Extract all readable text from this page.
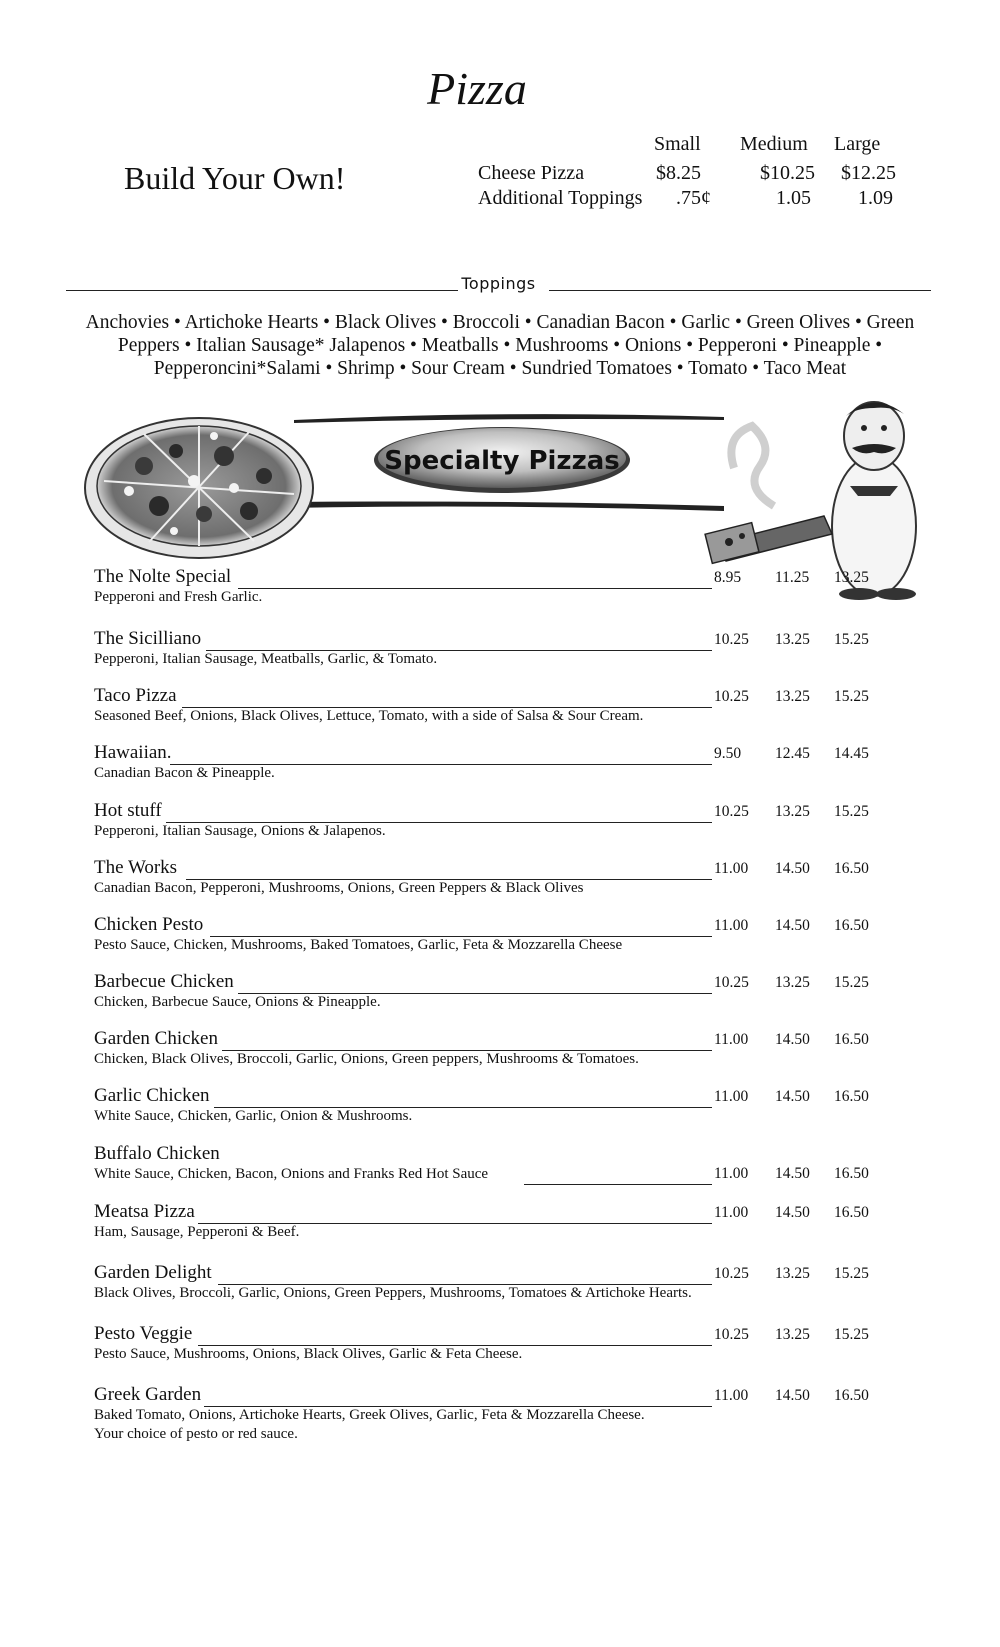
Pizza
Build Your Own!
Small Medium Large
Cheese Pizza	$8.25	$10.25 $12.25
Additional Toppings .75¢	1.05 1.09
Toppings
Anchovies • Artichoke Hearts • Black Olives • Broccoli • Canadian Bacon • Garlic • Green Olives • Green
Peppers • Italian Sausage* Jalapenos • Meatballs • Mushrooms • Onions • Pepperoni • Pineapple •
Pepperoncini*Salami • Shrimp • Sour Cream • Sundried Tomatoes • Tomato • Taco Meat
Specialty Pizzas
The Nolte Special
Pepperoni and Fresh Garlic.
8.95 11.25 13.25
The Sicilliano
Pepperoni, Italian Sausage, Meatballs, Garlic, & Tomato.
10.25 13.25 15.25
Taco Pizza
Seasoned Beef, Onions, Black Olives, Lettuce, Tomato, with a side of Salsa & Sour Cream.
10.25 13.25 15.25
Hawaiian.
Canadian Bacon & Pineapple.
9.50 12.45 14.45
Hot stuff
Pepperoni, Italian Sausage, Onions & Jalapenos.
10.25 13.25 15.25
The Works
Canadian Bacon, Pepperoni, Mushrooms, Onions, Green Peppers & Black Olives
11.00 14.50 16.50
Chicken Pesto
Pesto Sauce, Chicken, Mushrooms, Baked Tomatoes, Garlic, Feta & Mozzarella Cheese
11.00 14.50 16.50
Barbecue Chicken
Chicken, Barbecue Sauce, Onions & Pineapple.
10.25 13.25 15.25
Garden Chicken
Chicken, Black Olives, Broccoli, Garlic, Onions, Green peppers, Mushrooms & Tomatoes.
11.00 14.50 16.50
Garlic Chicken
White Sauce, Chicken, Garlic, Onion & Mushrooms.
11.00 14.50 16.50
Buffalo Chicken
White Sauce, Chicken, Bacon, Onions and Franks Red Hot Sauce	11.00 14.50 16.50
Meatsa Pizza
Ham, Sausage, Pepperoni & Beef.
11.00 14.50 16.50
Garden Delight
Black Olives, Broccoli, Garlic, Onions, Green Peppers, Mushrooms, Tomatoes & Artichoke Hearts.
10.25 13.25 15.25
Pesto Veggie
Pesto Sauce, Mushrooms, Onions, Black Olives, Garlic & Feta Cheese.
10.25 13.25 15.25
Greek Garden
Baked Tomato, Onions, Artichoke Hearts, Greek Olives, Garlic, Feta & Mozzarella Cheese.
Your choice of pesto or red sauce.
11.00 14.50 16.50
